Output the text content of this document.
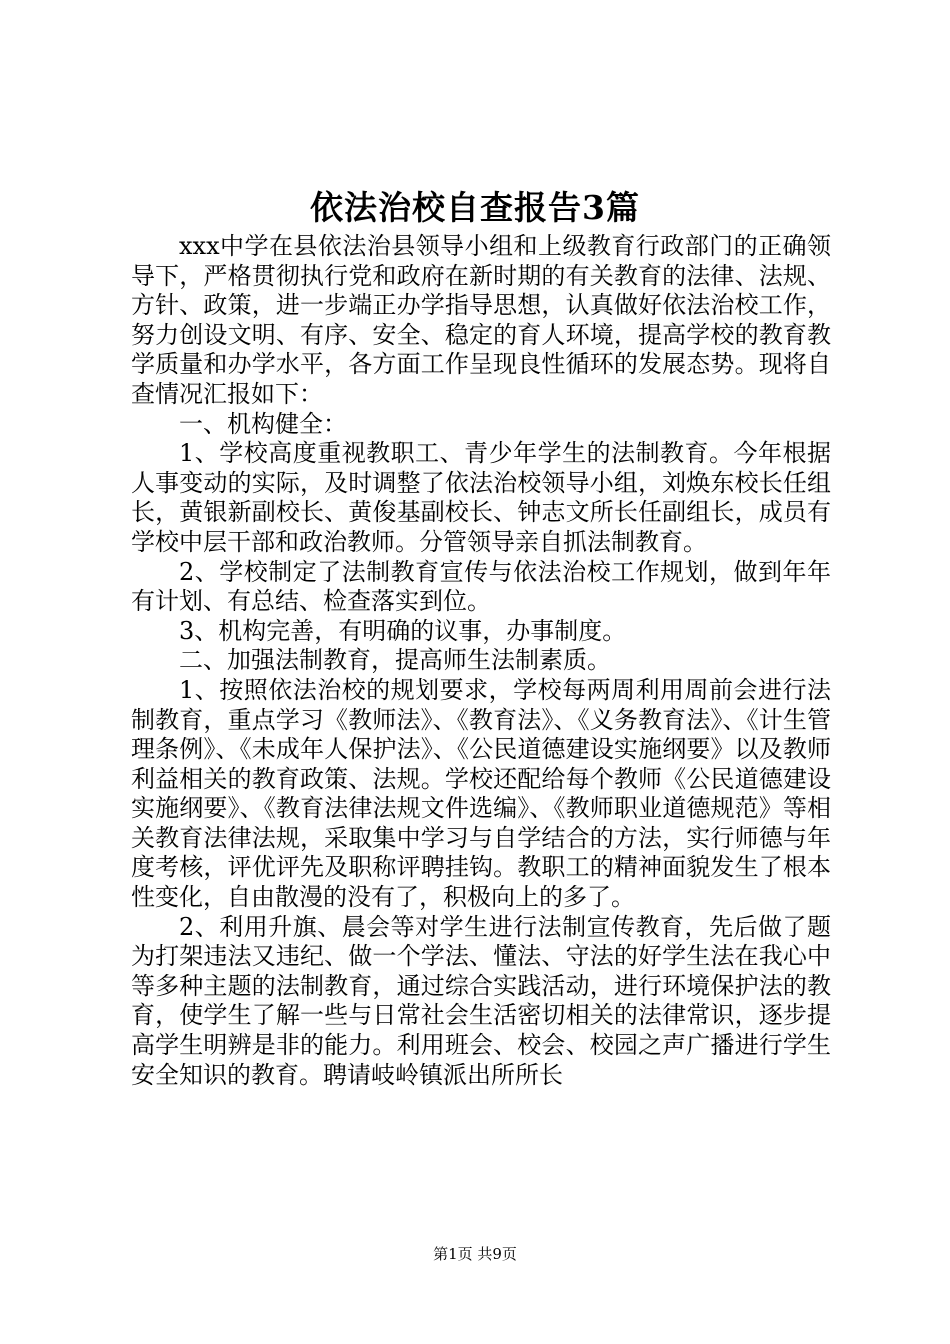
依法治校自查报告3篇

xxx中学在县依法治县领导小组和上级教育行政部门的正确领导下，严格贯彻执行党和政府在新时期的有关教育的法律、法规、方针、政策，进一步端正办学指导思想，认真做好依法治校工作，努力创设文明、有序、安全、稳定的育人环境，提高学校的教育教学质量和办学水平，各方面工作呈现良性循环的发展态势。现将自查情况汇报如下：

一、机构健全：

1、学校高度重视教职工、青少年学生的法制教育。今年根据人事变动的实际，及时调整了依法治校领导小组，刘焕东校长任组长，黄银新副校长、黄俊基副校长、钟志文所长任副组长，成员有学校中层干部和政治教师。分管领导亲自抓法制教育。

2、学校制定了法制教育宣传与依法治校工作规划，做到年年有计划、有总结、检查落实到位。

3、机构完善，有明确的议事，办事制度。

二、加强法制教育，提高师生法制素质。

1、按照依法治校的规划要求，学校每两周利用周前会进行法制教育，重点学习《教师法》、《教育法》、《义务教育法》、《计生管理条例》、《未成年人保护法》、《公民道德建设实施纲要》以及教师利益相关的教育政策、法规。学校还配给每个教师《公民道德建设实施纲要》、《教育法律法规文件选编》、《教师职业道德规范》等相关教育法律法规，采取集中学习与自学结合的方法，实行师德与年度考核，评优评先及职称评聘挂钩。教职工的精神面貌发生了根本性变化，自由散漫的没有了，积极向上的多了。

2、利用升旗、晨会等对学生进行法制宣传教育，先后做了题为打架违法又违纪、做一个学法、懂法、守法的好学生法在我心中等多种主题的法制教育，通过综合实践活动，进行环境保护法的教育，使学生了解一些与日常社会生活密切相关的法律常识，逐步提高学生明辨是非的能力。利用班会、校会、校园之声广播进行学生安全知识的教育。聘请岐岭镇派出所所长

第1页 共9页
